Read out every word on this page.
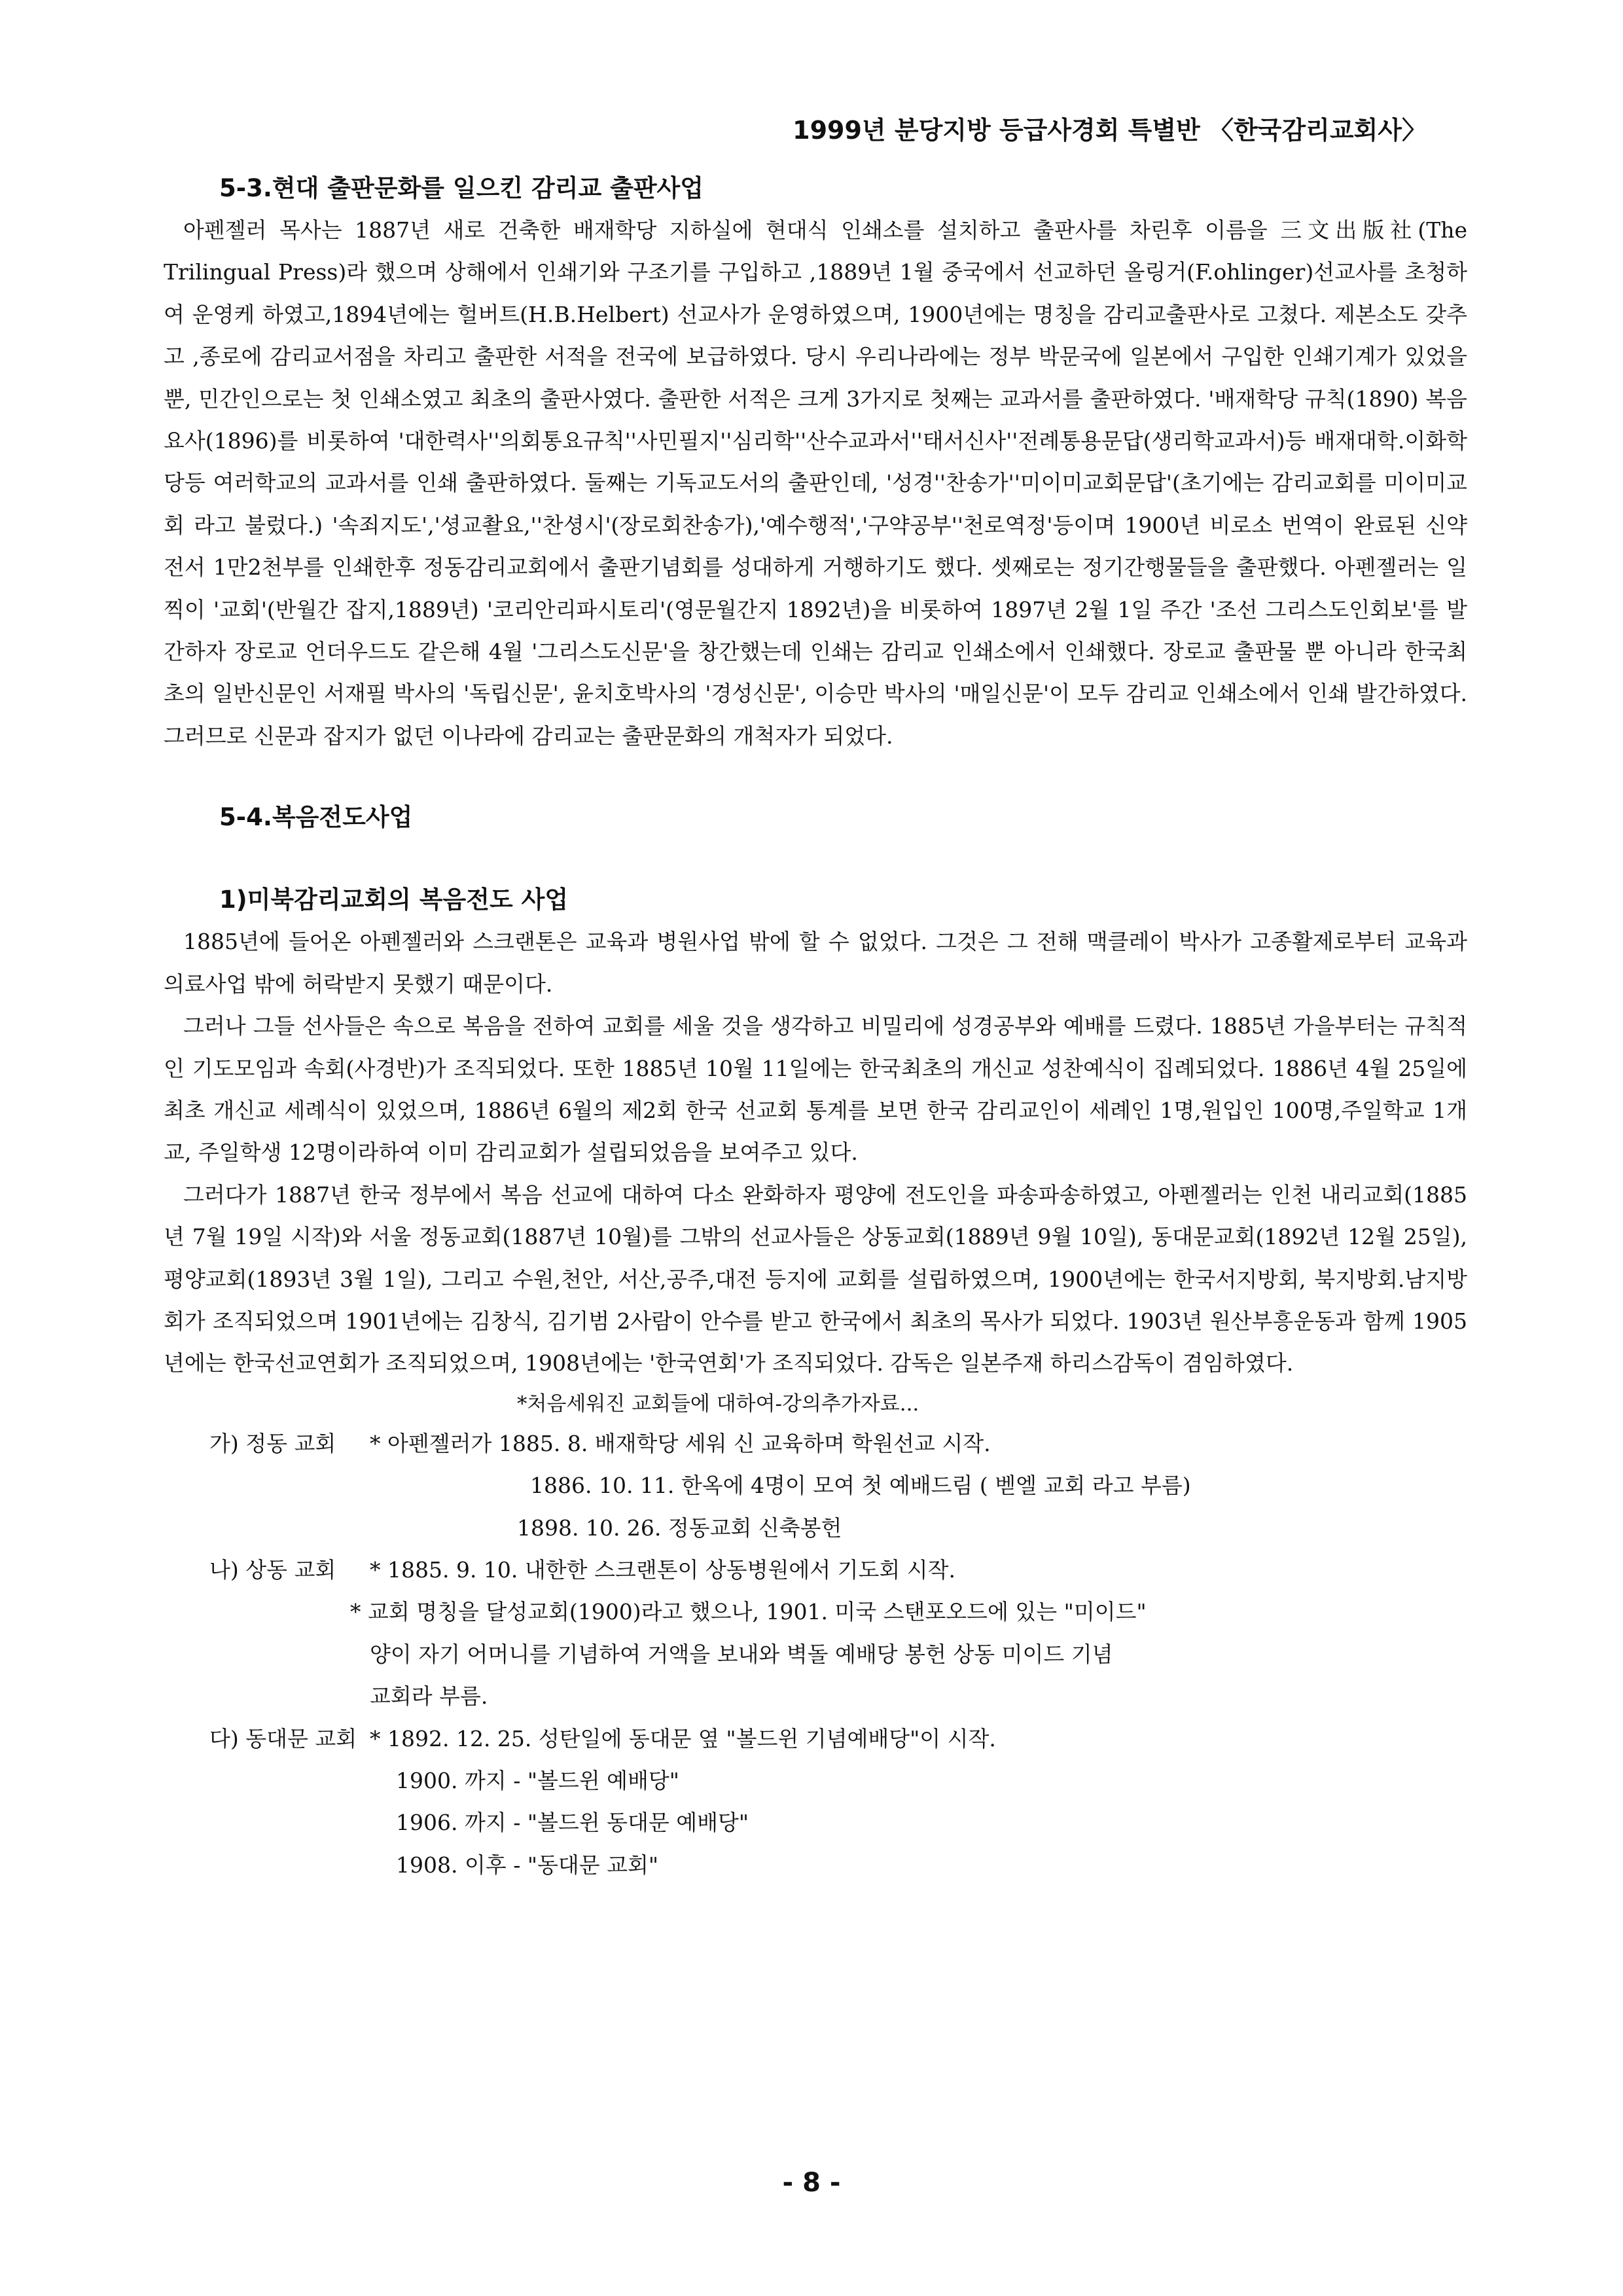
1999년 분당지방 등급사경회 특별반 〈한국감리교회사〉
5-3.현대 출판문화를 일으킨 감리교 출판사업

아펜젤러 목사는 1887년 새로 건축한 배재학당 지하실에 현대식 인쇄소를 설치하고 출판사를 차린후 이름을 三文出版社(The Trilingual Press)라 했으며 상해에서 인쇄기와 구조기를 구입하고 ,1889년 1월 중국에서 선교하던 올링거(F.ohlinger)선교사를 초청하여 운영케 하였고,1894년에는 헐버트(H.B.Helbert) 선교사가 운영하였으며, 1900년에는 명칭을 감리교출판사로 고쳤다. 제본소도 갖추고 ,종로에 감리교서점을 차리고 출판한 서적을 전국에 보급하였다. 당시 우리나라에는 정부 박문국에 일본에서 구입한 인쇄기계가 있었을 뿐, 민간인으로는 첫 인쇄소였고 최초의 출판사였다. 출판한 서적은 크게 3가지로 첫째는 교과서를 출판하였다. '배재학당 규칙(1890) 복음요사(1896)를 비롯하여 '대한력사''의회통요규칙''사민필지''심리학''산수교과서''태서신사''전례통용문답(생리학교과서)등 배재대학.이화학당등 여러학교의 교과서를 인쇄 출판하였다. 둘째는 기독교도서의 출판인데, '성경''찬송가''미이미교회문답'(초기에는 감리교회를 미이미교회 라고 불렀다.) '속죄지도','셩교촬요,''찬셩시'(장로회찬송가),'예수행적','구약공부''천로역정'등이며 1900년 비로소 번역이 완료된 신약전서 1만2천부를 인쇄한후 정동감리교회에서 출판기념회를 성대하게 거행하기도 했다. 셋째로는 정기간행물들을 출판했다. 아펜젤러는 일찍이 '교회'(반월간 잡지,1889년) '코리안리파시토리'(영문월간지 1892년)을 비롯하여 1897년 2월 1일 주간 '조선 그리스도인회보'를 발간하자 장로교 언더우드도 같은해 4월 '그리스도신문'을 창간했는데 인쇄는 감리교 인쇄소에서 인쇄했다. 장로교 출판물 뿐 아니라 한국최초의 일반신문인 서재필 박사의 '독립신문', 윤치호박사의 '경성신문', 이승만 박사의 '매일신문'이 모두 감리교 인쇄소에서 인쇄 발간하였다. 그러므로 신문과 잡지가 없던 이나라에 감리교는 출판문화의 개척자가 되었다.

5-4.복음전도사업
1)미북감리교회의 복음전도 사업

1885년에 들어온 아펜젤러와 스크랜톤은 교육과 병원사업 밖에 할 수 없었다. 그것은 그 전해 맥클레이 박사가 고종활제로부터 교육과 의료사업 밖에 허락받지 못했기 때문이다.

그러나 그들 선사들은 속으로 복음을 전하여 교회를 세울 것을 생각하고 비밀리에 성경공부와 예배를 드렸다. 1885년 가을부터는 규칙적인 기도모임과 속회(사경반)가 조직되었다. 또한 1885년 10월 11일에는 한국최초의 개신교 성찬예식이 집례되었다. 1886년 4월 25일에 최초 개신교 세례식이 있었으며, 1886년 6월의 제2회 한국 선교회 통계를 보면 한국 감리교인이 세례인 1명,원입인 100명,주일학교 1개교, 주일학생 12명이라하여 이미 감리교회가 설립되었음을 보여주고 있다.

그러다가 1887년 한국 정부에서 복음 선교에 대하여 다소 완화하자 평양에 전도인을 파송파송하였고, 아펜젤러는 인천 내리교회(1885년 7월 19일 시작)와 서울 정동교회(1887년 10월)를 그밖의 선교사들은 상동교회(1889년 9월 10일), 동대문교회(1892년 12월 25일), 평양교회(1893년 3월 1일), 그리고 수원,천안, 서산,공주,대전 등지에 교회를 설립하였으며, 1900년에는 한국서지방회, 북지방회.남지방회가 조직되었으며 1901년에는 김창식, 김기범 2사람이 안수를 받고 한국에서 최초의 목사가 되었다. 1903년 원산부흥운동과 함께 1905년에는 한국선교연회가 조직되었으며, 1908년에는 '한국연회'가 조직되었다. 감독은 일본주재 하리스감독이 겸임하였다.

*처음세워진 교회들에 대하여-강의추가자료...
가) 정동 교회	* 아펜젤러가 1885. 8. 배재학당 세워 신 교육하며 학원선교 시작.
1886. 10. 11. 한옥에 4명이 모여 첫 예배드림 ( 벧엘 교회 라고 부름)
1898. 10. 26. 정동교회 신축봉헌
나) 상동 교회	* 1885. 9. 10. 내한한 스크랜톤이 상동병원에서 기도회 시작.
* 교회 명칭을 달성교회(1900)라고 했으나, 1901. 미국 스탠포오드에 있는 "미이드"
양이 자기 어머니를 기념하여 거액을 보내와 벽돌 예배당 봉헌 상동 미이드 기념
교회라 부름.
다) 동대문 교회 * 1892. 12. 25. 성탄일에 동대문 옆 "볼드윈 기념예배당"이 시작.
1900. 까지 - "볼드윈 예배당"
1906. 까지 - "볼드윈 동대문 예배당"
1908. 이후 - "동대문 교회"
- 8 -
